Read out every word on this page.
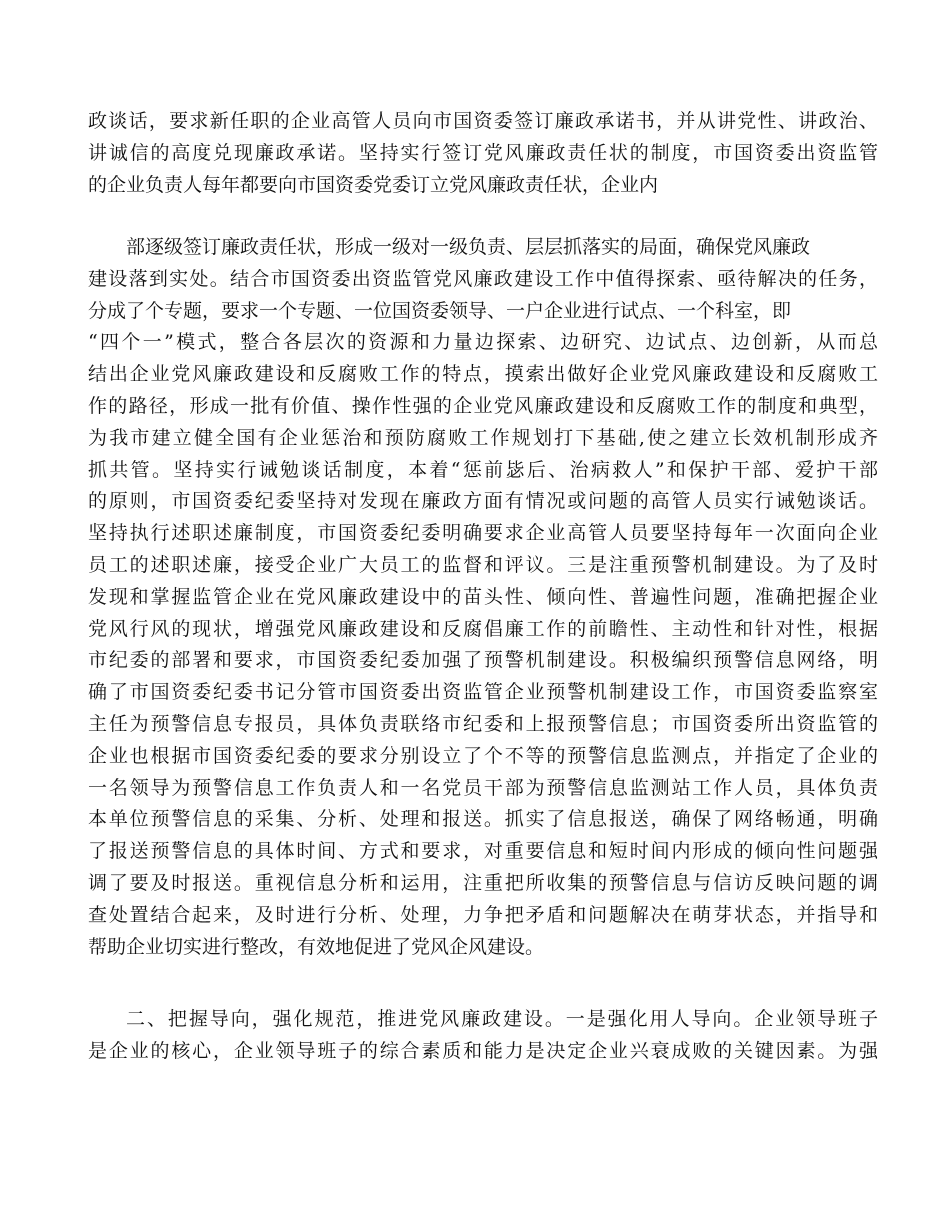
政谈话，要求新任职的企业高管人员向市国资委签订廉政承诺书，并从讲党性、讲政治、
讲诚信的高度兑现廉政承诺。坚持实行签订党风廉政责任状的制度，市国资委出资监管
的企业负责人每年都要向市国资委党委订立党风廉政责任状，企业内
部逐级签订廉政责任状，形成一级对一级负责、层层抓落实的局面，确保党风廉政
建设落到实处。结合市国资委出资监管党风廉政建设工作中值得探索、亟待解决的任务，
分成了个专题，要求一个专题、一位国资委领导、一户企业进行试点、一个科室，即
“四个一”模式，整合各层次的资源和力量边探索、边研究、边试点、边创新，从而总
结出企业党风廉政建设和反腐败工作的特点，摸索出做好企业党风廉政建设和反腐败工
作的路径，形成一批有价值、操作性强的企业党风廉政建设和反腐败工作的制度和典型，
为我市建立健全国有企业惩治和预防腐败工作规划打下基础,使之建立长效机制形成齐
抓共管。坚持实行诫勉谈话制度，本着“惩前毖后、治病救人”和保护干部、爱护干部
的原则，市国资委纪委坚持对发现在廉政方面有情况或问题的高管人员实行诫勉谈话。
坚持执行述职述廉制度，市国资委纪委明确要求企业高管人员要坚持每年一次面向企业
员工的述职述廉，接受企业广大员工的监督和评议。三是注重预警机制建设。为了及时
发现和掌握监管企业在党风廉政建设中的苗头性、倾向性、普遍性问题，准确把握企业
党风行风的现状，增强党风廉政建设和反腐倡廉工作的前瞻性、主动性和针对性，根据
市纪委的部署和要求，市国资委纪委加强了预警机制建设。积极编织预警信息网络，明
确了市国资委纪委书记分管市国资委出资监管企业预警机制建设工作，市国资委监察室
主任为预警信息专报员，具体负责联络市纪委和上报预警信息；市国资委所出资监管的
企业也根据市国资委纪委的要求分别设立了个不等的预警信息监测点，并指定了企业的
一名领导为预警信息工作负责人和一名党员干部为预警信息监测站工作人员，具体负责
本单位预警信息的采集、分析、处理和报送。抓实了信息报送，确保了网络畅通，明确
了报送预警信息的具体时间、方式和要求，对重要信息和短时间内形成的倾向性问题强
调了要及时报送。重视信息分析和运用，注重把所收集的预警信息与信访反映问题的调
查处置结合起来，及时进行分析、处理，力争把矛盾和问题解决在萌芽状态，并指导和
帮助企业切实进行整改，有效地促进了党风企风建设。
二、把握导向，强化规范，推进党风廉政建设。一是强化用人导向。企业领导班子
是企业的核心，企业领导班子的综合素质和能力是决定企业兴衰成败的关键因素。为强
